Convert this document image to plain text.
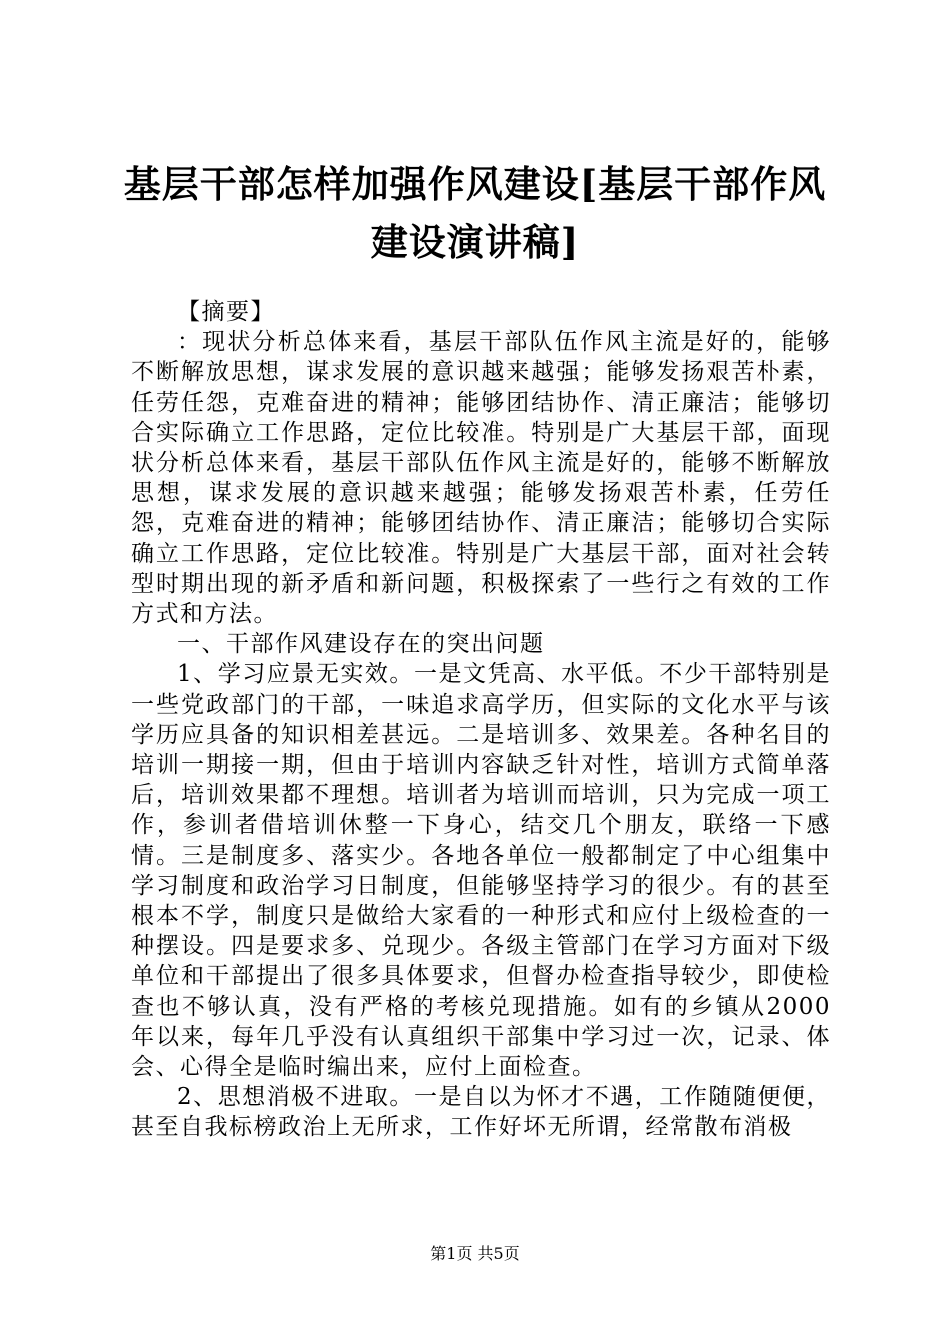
基层干部怎样加强作风建设[基层干部作风建设演讲稿]

【摘要】

：现状分析总体来看，基层干部队伍作风主流是好的，能够不断解放思想，谋求发展的意识越来越强；能够发扬艰苦朴素，任劳任怨，克难奋进的精神；能够团结协作、清正廉洁；能够切合实际确立工作思路，定位比较准。特别是广大基层干部，面现状分析总体来看，基层干部队伍作风主流是好的，能够不断解放思想，谋求发展的意识越来越强；能够发扬艰苦朴素，任劳任怨，克难奋进的精神；能够团结协作、清正廉洁；能够切合实际确立工作思路，定位比较准。特别是广大基层干部，面对社会转型时期出现的新矛盾和新问题，积极探索了一些行之有效的工作方式和方法。

一、干部作风建设存在的突出问题

1、学习应景无实效。一是文凭高、水平低。不少干部特别是一些党政部门的干部，一味追求高学历，但实际的文化水平与该学历应具备的知识相差甚远。二是培训多、效果差。各种名目的培训一期接一期，但由于培训内容缺乏针对性，培训方式简单落后，培训效果都不理想。培训者为培训而培训，只为完成一项工作，参训者借培训休整一下身心，结交几个朋友，联络一下感情。三是制度多、落实少。各地各单位一般都制定了中心组集中学习制度和政治学习日制度，但能够坚持学习的很少。有的甚至根本不学，制度只是做给大家看的一种形式和应付上级检查的一种摆设。四是要求多、兑现少。各级主管部门在学习方面对下级单位和干部提出了很多具体要求，但督办检查指导较少，即使检查也不够认真，没有严格的考核兑现措施。如有的乡镇从2000年以来，每年几乎没有认真组织干部集中学习过一次，记录、体会、心得全是临时编出来，应付上面检查。

2、思想消极不进取。一是自以为怀才不遇，工作随随便便，甚至自我标榜政治上无所求，工作好坏无所谓，经常散布消极

第1页 共5页
